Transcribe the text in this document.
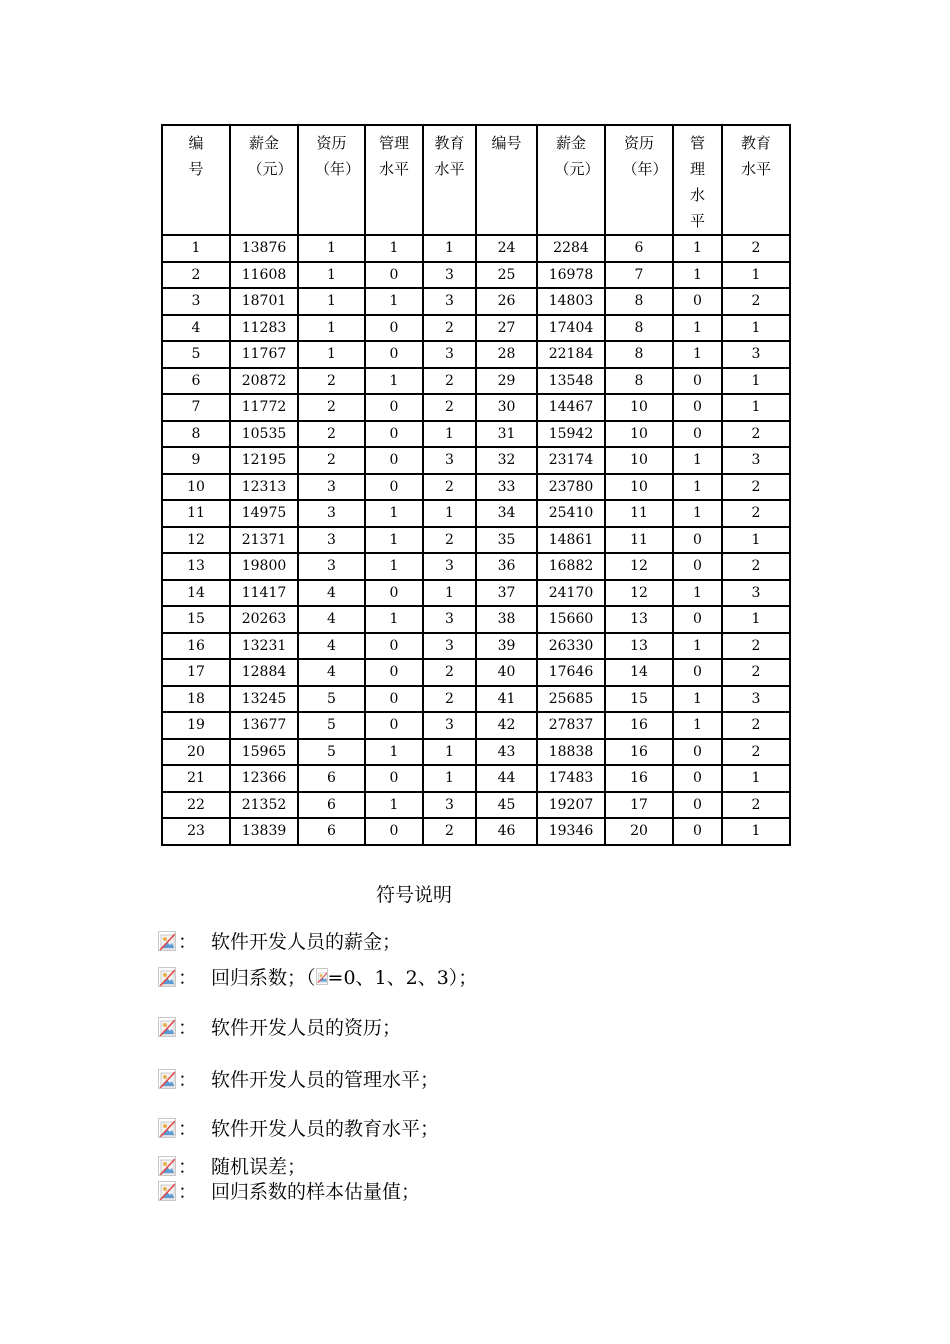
编号	薪金（元）	资历（年）	管理水平	教育水平	编号	薪金（元）	资历（年）	管理水平	教育水平

1	13876	1	1	1	24	2284	6	1	2
2	11608	1	0	3	25	16978	7	1	1
3	18701	1	1	3	26	14803	8	0	2
4	11283	1	0	2	27	17404	8	1	1
5	11767	1	0	3	28	22184	8	1	3
6	20872	2	1	2	29	13548	8	0	1
7	11772	2	0	2	30	14467	10	0	1
8	10535	2	0	1	31	15942	10	0	2
9	12195	2	0	3	32	23174	10	1	3
10	12313	3	0	2	33	23780	10	1	2
11	14975	3	1	1	34	25410	11	1	2
12	21371	3	1	2	35	14861	11	0	1
13	19800	3	1	3	36	16882	12	0	2
14	11417	4	0	1	37	24170	12	1	3
15	20263	4	1	3	38	15660	13	0	1
16	13231	4	0	3	39	26330	13	1	2
17	12884	4	0	2	40	17646	14	0	2
18	13245	5	0	2	41	25685	15	1	3
19	13677	5	0	3	42	27837	16	1	2
20	15965	5	1	1	43	18838	16	0	2
21	12366	6	0	1	44	17483	16	0	1
22	21352	6	1	3	45	19207	17	0	2
23	13839	6	0	2	46	19346	20	0	1
符号说明
： 软件开发人员的薪金；
： 回归系数；（ =0、1、2、3）；
： 软件开发人员的资历；
： 软件开发人员的管理水平；
： 软件开发人员的教育水平；
： 随机误差；
： 回归系数的样本估量值；
